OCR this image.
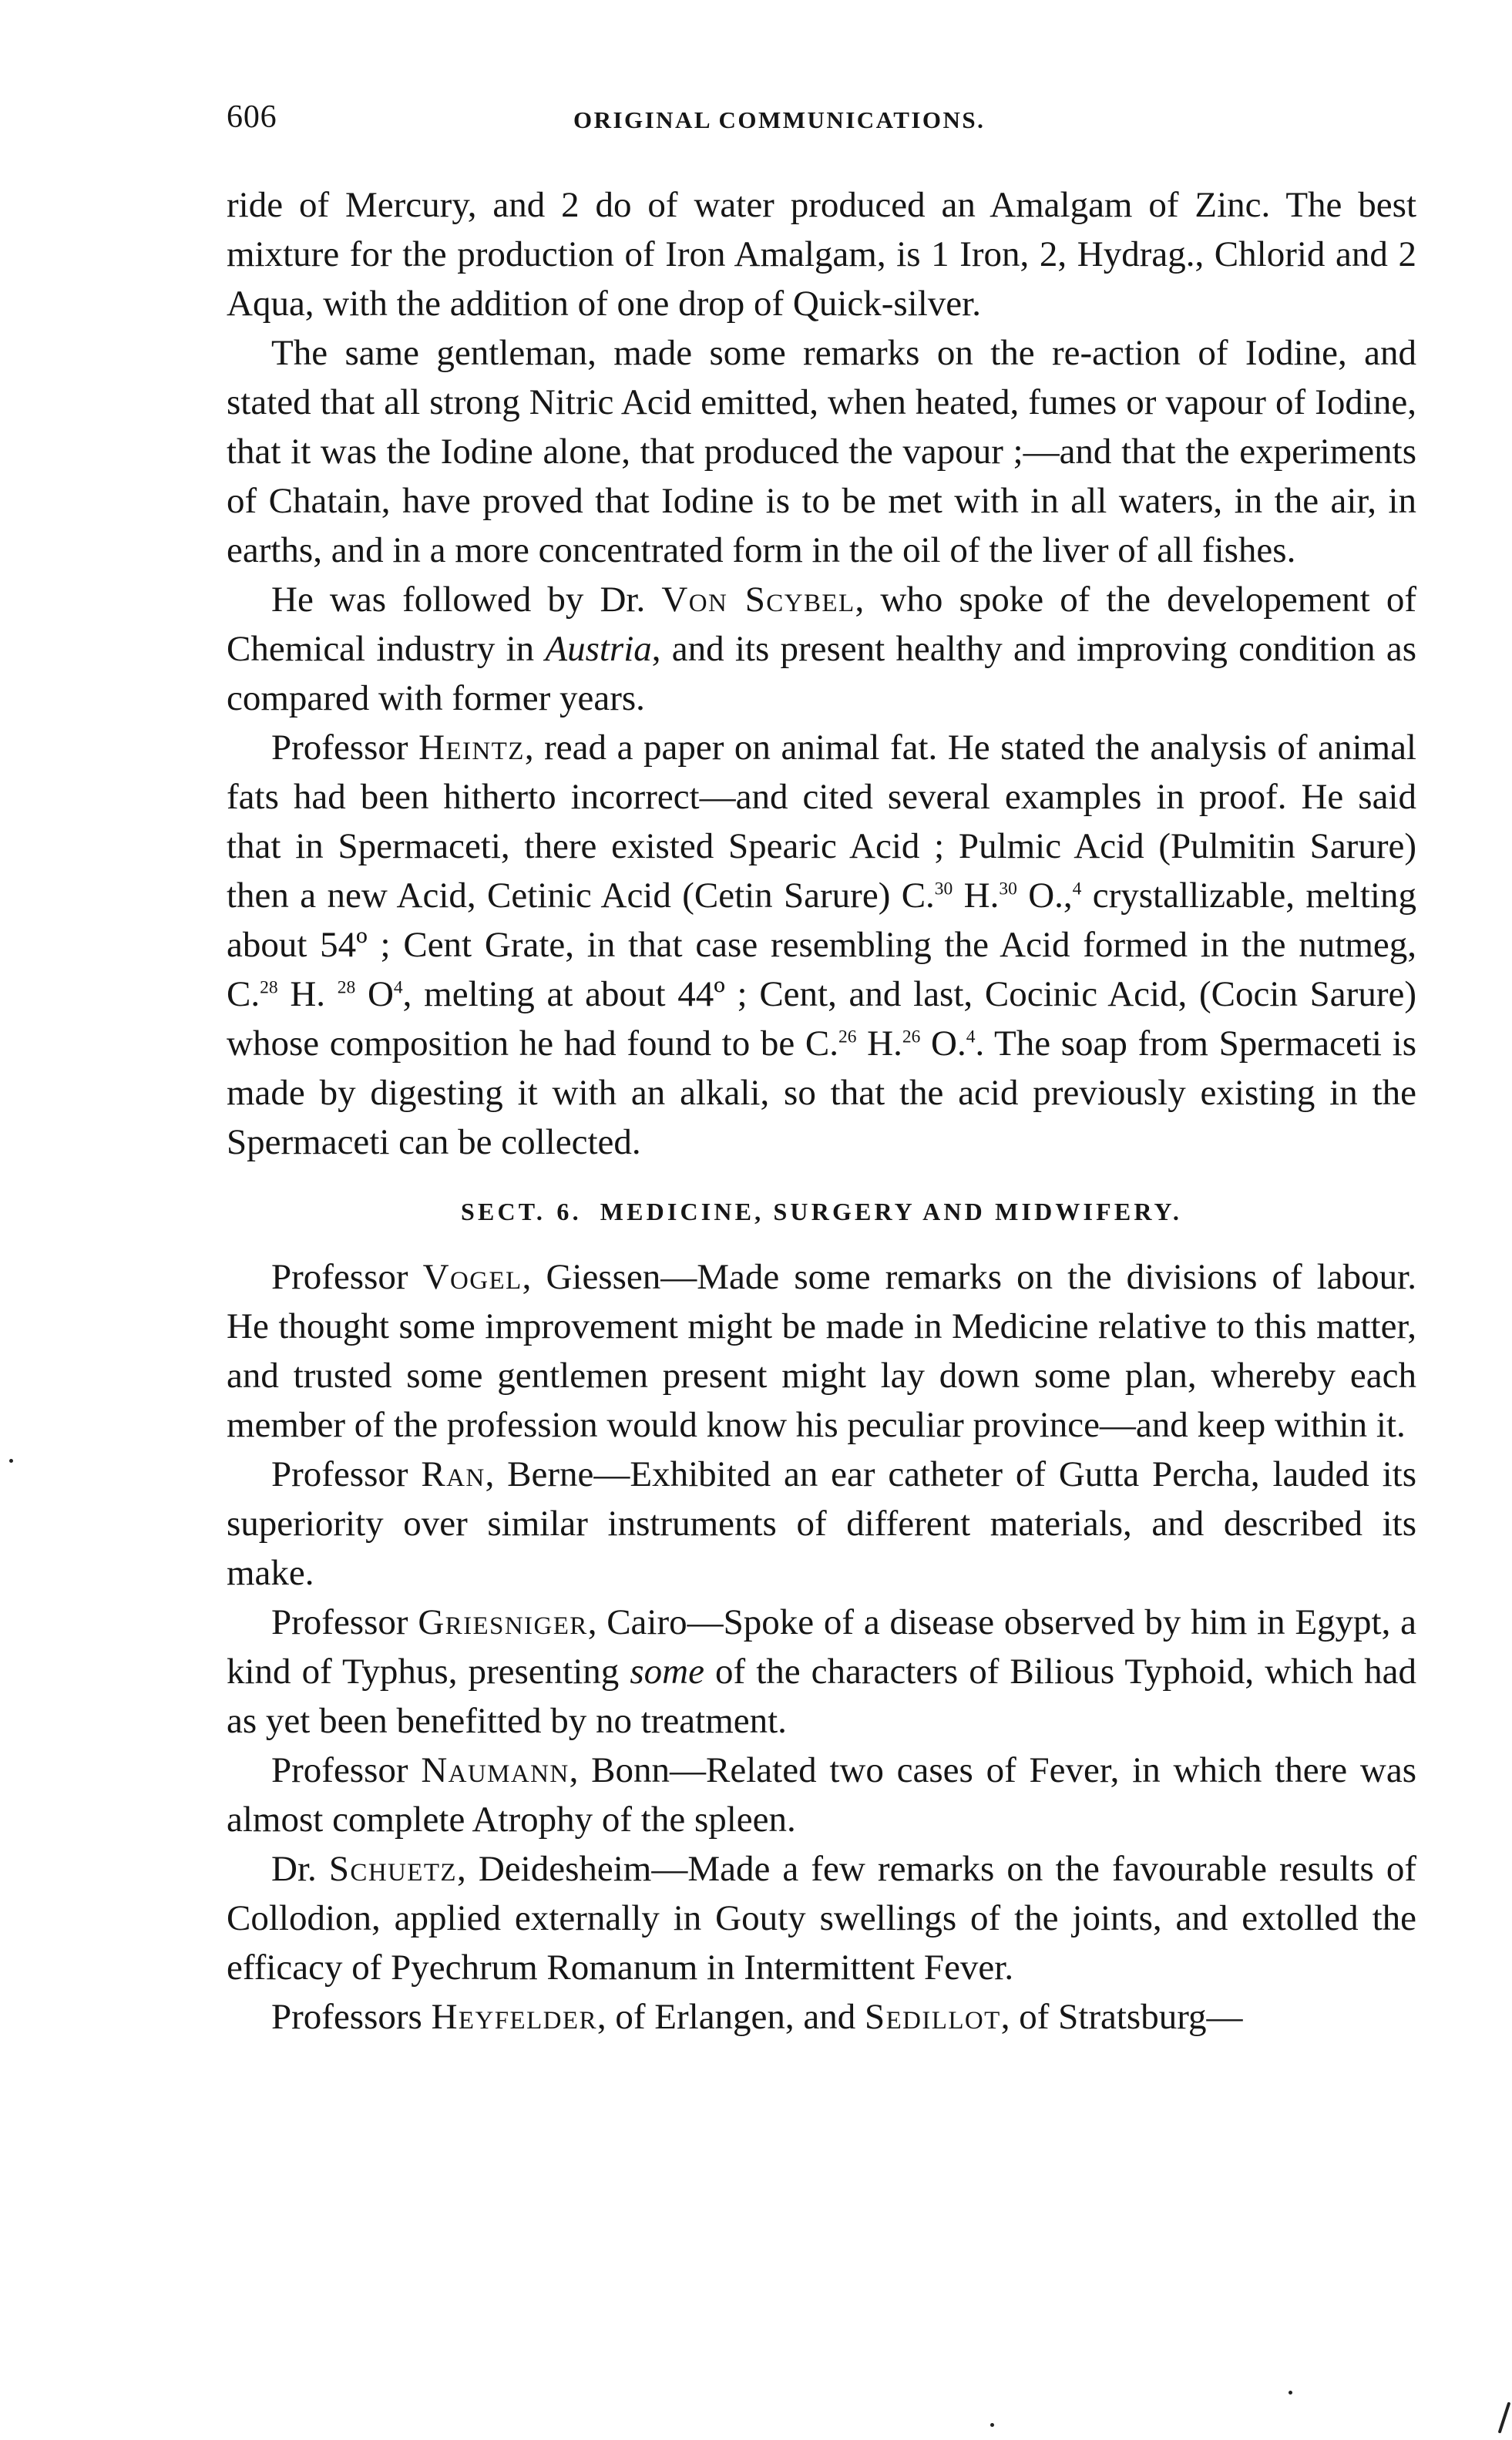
606	ORIGINAL COMMUNICATIONS.

ride of Mercury, and 2 do of water produced an Amalgam of Zinc. The best mixture for the production of Iron Amalgam, is 1 Iron, 2, Hydrag., Chlorid and 2 Aqua, with the addition of one drop of Quick-silver.

The same gentleman, made some remarks on the re-action of Iodine, and stated that all strong Nitric Acid emitted, when heated, fumes or vapour of Iodine, that it was the Iodine alone, that produced the vapour ;—and that the experiments of Chatain, have proved that Iodine is to be met with in all waters, in the air, in earths, and in a more concentrated form in the oil of the liver of all fishes.

He was followed by Dr. Von Scybel, who spoke of the developement of Chemical industry in Austria, and its present healthy and improving condition as compared with former years.

Professor Heintz, read a paper on animal fat. He stated the analysis of animal fats had been hitherto incorrect—and cited several examples in proof. He said that in Spermaceti, there existed Spearic Acid ; Pulmic Acid (Pulmitin Sarure) then a new Acid, Cetinic Acid (Cetin Sarure) C.$^{30}$ H.$^{30}$ O.,$^4$ crystallizable, melting about 54º ; Cent Grate, in that case resembling the Acid formed in the nutmeg, C.$^{28}$ H. $^{28}$ $O^4$, melting at about 44º ; Cent, and last, Cocinic Acid, (Cocin Sarure) whose composition he had found to be C.$^{26}$ H.$^{26}$ O.$^4$. The soap from Spermaceti is made by digesting it with an alkali, so that the acid previously existing in the Spermaceti can be collected.

SECT. 6. MEDICINE, SURGERY AND MIDWIFERY.

Professor Vogel, Giessen—Made some remarks on the divisions of labour. He thought some improvement might be made in Medicine relative to this matter, and trusted some gentlemen present might lay down some plan, whereby each member of the profession would know his peculiar province—and keep within it.

Professor Ran, Berne—Exhibited an ear catheter of Gutta Percha, lauded its superiority over similar instruments of different materials, and described its make.

Professor Griesniger, Cairo—Spoke of a disease observed by him in Egypt, a kind of Typhus, presenting some of the characters of Bilious Typhoid, which had as yet been benefitted by no treatment.

Professor Naumann, Bonn—Related two cases of Fever, in which there was almost complete Atrophy of the spleen.

Dr. Schuetz, Deidesheim—Made a few remarks on the favourable results of Collodion, applied externally in Gouty swellings of the joints, and extolled the efficacy of Pyechrum Romanum in Intermittent Fever.

Professors Heyfelder, of Erlangen, and Sedillot, of Stratsburg—
